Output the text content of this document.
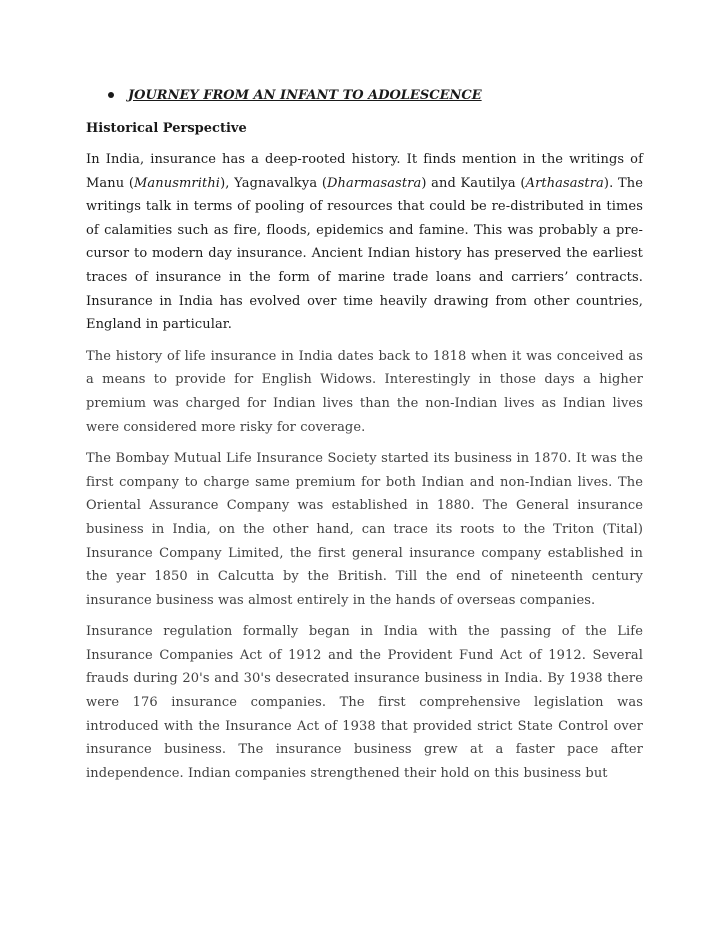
JOURNEY FROM AN INFANT TO ADOLESCENCE
Historical Perspective

In India, insurance has a deep-rooted history. It finds mention in the writings of Manu (Manusmrithi), Yagnavalkya (Dharmasastra) and Kautilya (Arthasastra). The writings talk in terms of pooling of resources that could be re-distributed in times of calamities such as fire, floods, epidemics and famine. This was probably a pre-cursor to modern day insurance. Ancient Indian history has preserved the earliest traces of insurance in the form of marine trade loans and carriers’ contracts. Insurance in India has evolved over time heavily drawing from other countries, England in particular.

The history of life insurance in India dates back to 1818 when it was conceived as a means to provide for English Widows. Interestingly in those days a higher premium was charged for Indian lives than the non-Indian lives as Indian lives were considered more risky for coverage.

The Bombay Mutual Life Insurance Society started its business in 1870. It was the first company to charge same premium for both Indian and non-Indian lives. The Oriental Assurance Company was established in 1880. The General insurance business in India, on the other hand, can trace its roots to the Triton (Tital) Insurance Company Limited, the first general insurance company established in the year 1850 in Calcutta by the British. Till the end of nineteenth century insurance business was almost entirely in the hands of overseas companies.

Insurance regulation formally began in India with the passing of the Life Insurance Companies Act of 1912 and the Provident Fund Act of 1912. Several frauds during 20's and 30's desecrated insurance business in India. By 1938 there were 176 insurance companies. The first comprehensive legislation was introduced with the Insurance Act of 1938 that provided strict State Control over insurance business. The insurance business grew at a faster pace after independence. Indian companies strengthened their hold on this business but
